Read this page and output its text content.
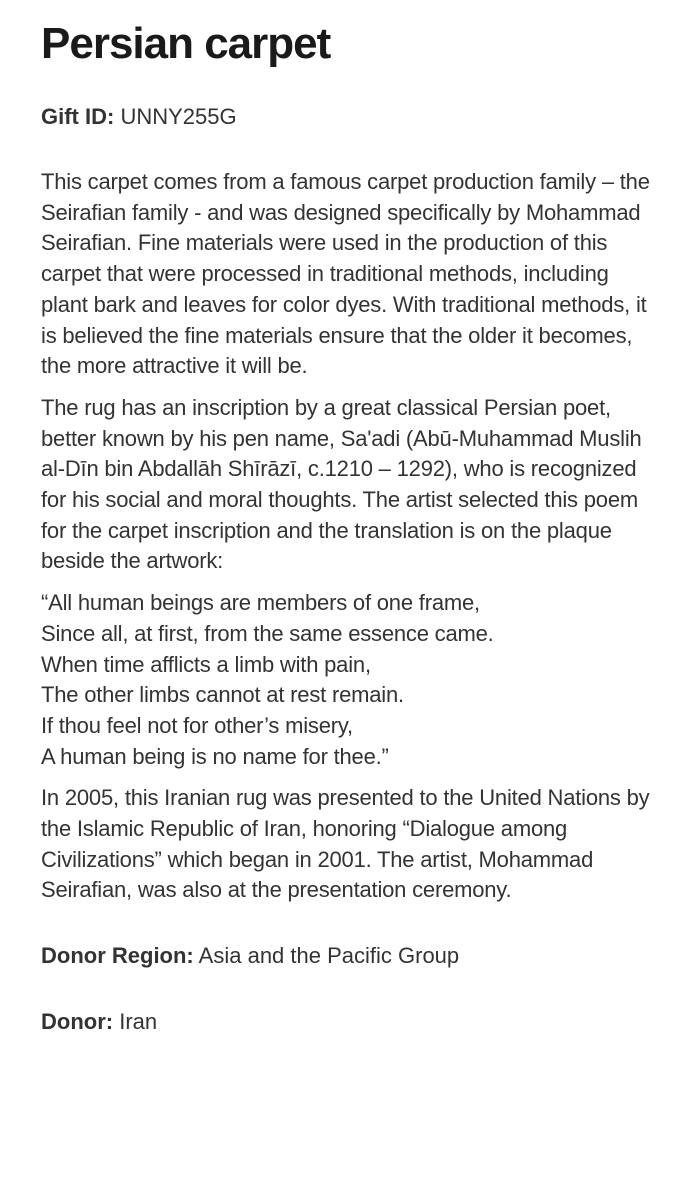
Persian carpet

Gift ID: UNNY255G

This carpet comes from a famous carpet production family – the Seirafian family - and was designed specifically by Mohammad Seirafian. Fine materials were used in the production of this carpet that were processed in traditional methods, including plant bark and leaves for color dyes. With traditional methods, it is believed the fine materials ensure that the older it becomes, the more attractive it will be.

The rug has an inscription by a great classical Persian poet, better known by his pen name, Sa'adi (Abū-Muhammad Muslih al-Dīn bin Abdallāh Shīrāzī, c.1210 – 1292), who is recognized for his social and moral thoughts. The artist selected this poem for the carpet inscription and the translation is on the plaque beside the artwork:

“All human beings are members of one frame,
Since all, at first, from the same essence came.
When time afflicts a limb with pain,
The other limbs cannot at rest remain.
If thou feel not for other’s misery,
A human being is no name for thee.”

In 2005, this Iranian rug was presented to the United Nations by the Islamic Republic of Iran, honoring “Dialogue among Civilizations” which began in 2001. The artist, Mohammad Seirafian, was also at the presentation ceremony.

Donor Region: Asia and the Pacific Group

Donor: Iran
